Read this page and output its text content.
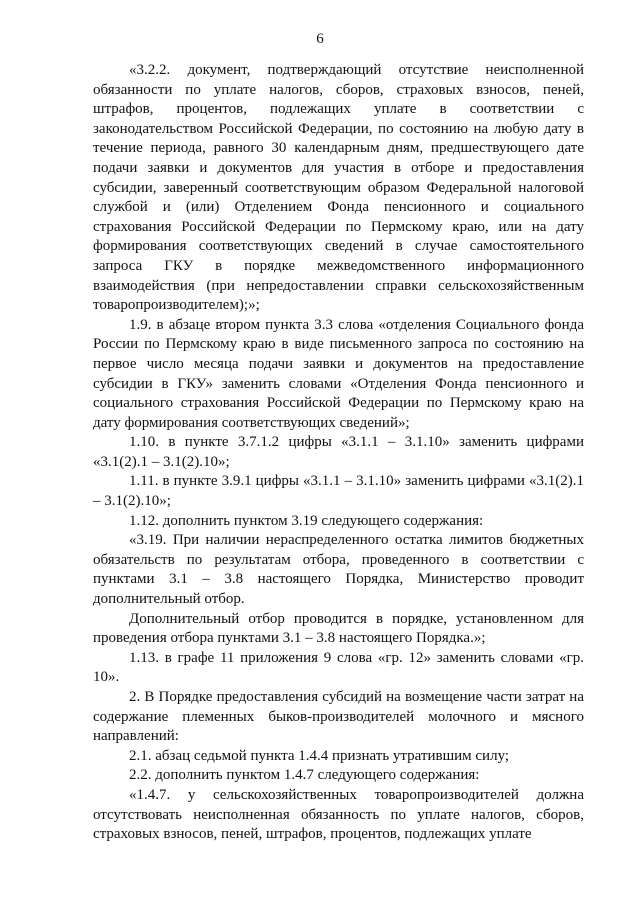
6

«3.2.2. документ, подтверждающий отсутствие неисполненной обязанности по уплате налогов, сборов, страховых взносов, пеней, штрафов, процентов, подлежащих уплате в соответствии с законодательством Российской Федерации, по состоянию на любую дату в течение периода, равного 30 календарным дням, предшествующего дате подачи заявки и документов для участия в отборе и предоставления субсидии, заверенный соответствующим образом Федеральной налоговой службой и (или) Отделением Фонда пенсионного и социального страхования Российской Федерации по Пермскому краю, или на дату формирования соответствующих сведений в случае самостоятельного запроса ГКУ в порядке межведомственного информационного взаимодействия (при непредоставлении справки сельскохозяйственным товаропроизводителем);»;

1.9. в абзаце втором пункта 3.3 слова «отделения Социального фонда России по Пермскому краю в виде письменного запроса по состоянию на первое число месяца подачи заявки и документов на предоставление субсидии в ГКУ» заменить словами «Отделения Фонда пенсионного и социального страхования Российской Федерации по Пермскому краю на дату формирования соответствующих сведений»;

1.10. в пункте 3.7.1.2 цифры «3.1.1 – 3.1.10» заменить цифрами «3.1(2).1 – 3.1(2).10»;

1.11. в пункте 3.9.1 цифры «3.1.1 – 3.1.10» заменить цифрами «3.1(2).1 – 3.1(2).10»;

1.12. дополнить пунктом 3.19 следующего содержания:

«3.19. При наличии нераспределенного остатка лимитов бюджетных обязательств по результатам отбора, проведенного в соответствии с пунктами 3.1 – 3.8 настоящего Порядка, Министерство проводит дополнительный отбор.

Дополнительный отбор проводится в порядке, установленном для проведения отбора пунктами 3.1 – 3.8 настоящего Порядка.»;

1.13. в графе 11 приложения 9 слова «гр. 12» заменить словами «гр. 10».

2. В Порядке предоставления субсидий на возмещение части затрат на содержание племенных быков-производителей молочного и мясного направлений:

2.1. абзац седьмой пункта 1.4.4 признать утратившим силу;

2.2. дополнить пунктом 1.4.7 следующего содержания:

«1.4.7. у сельскохозяйственных товаропроизводителей должна отсутствовать неисполненная обязанность по уплате налогов, сборов, страховых взносов, пеней, штрафов, процентов, подлежащих уплате
